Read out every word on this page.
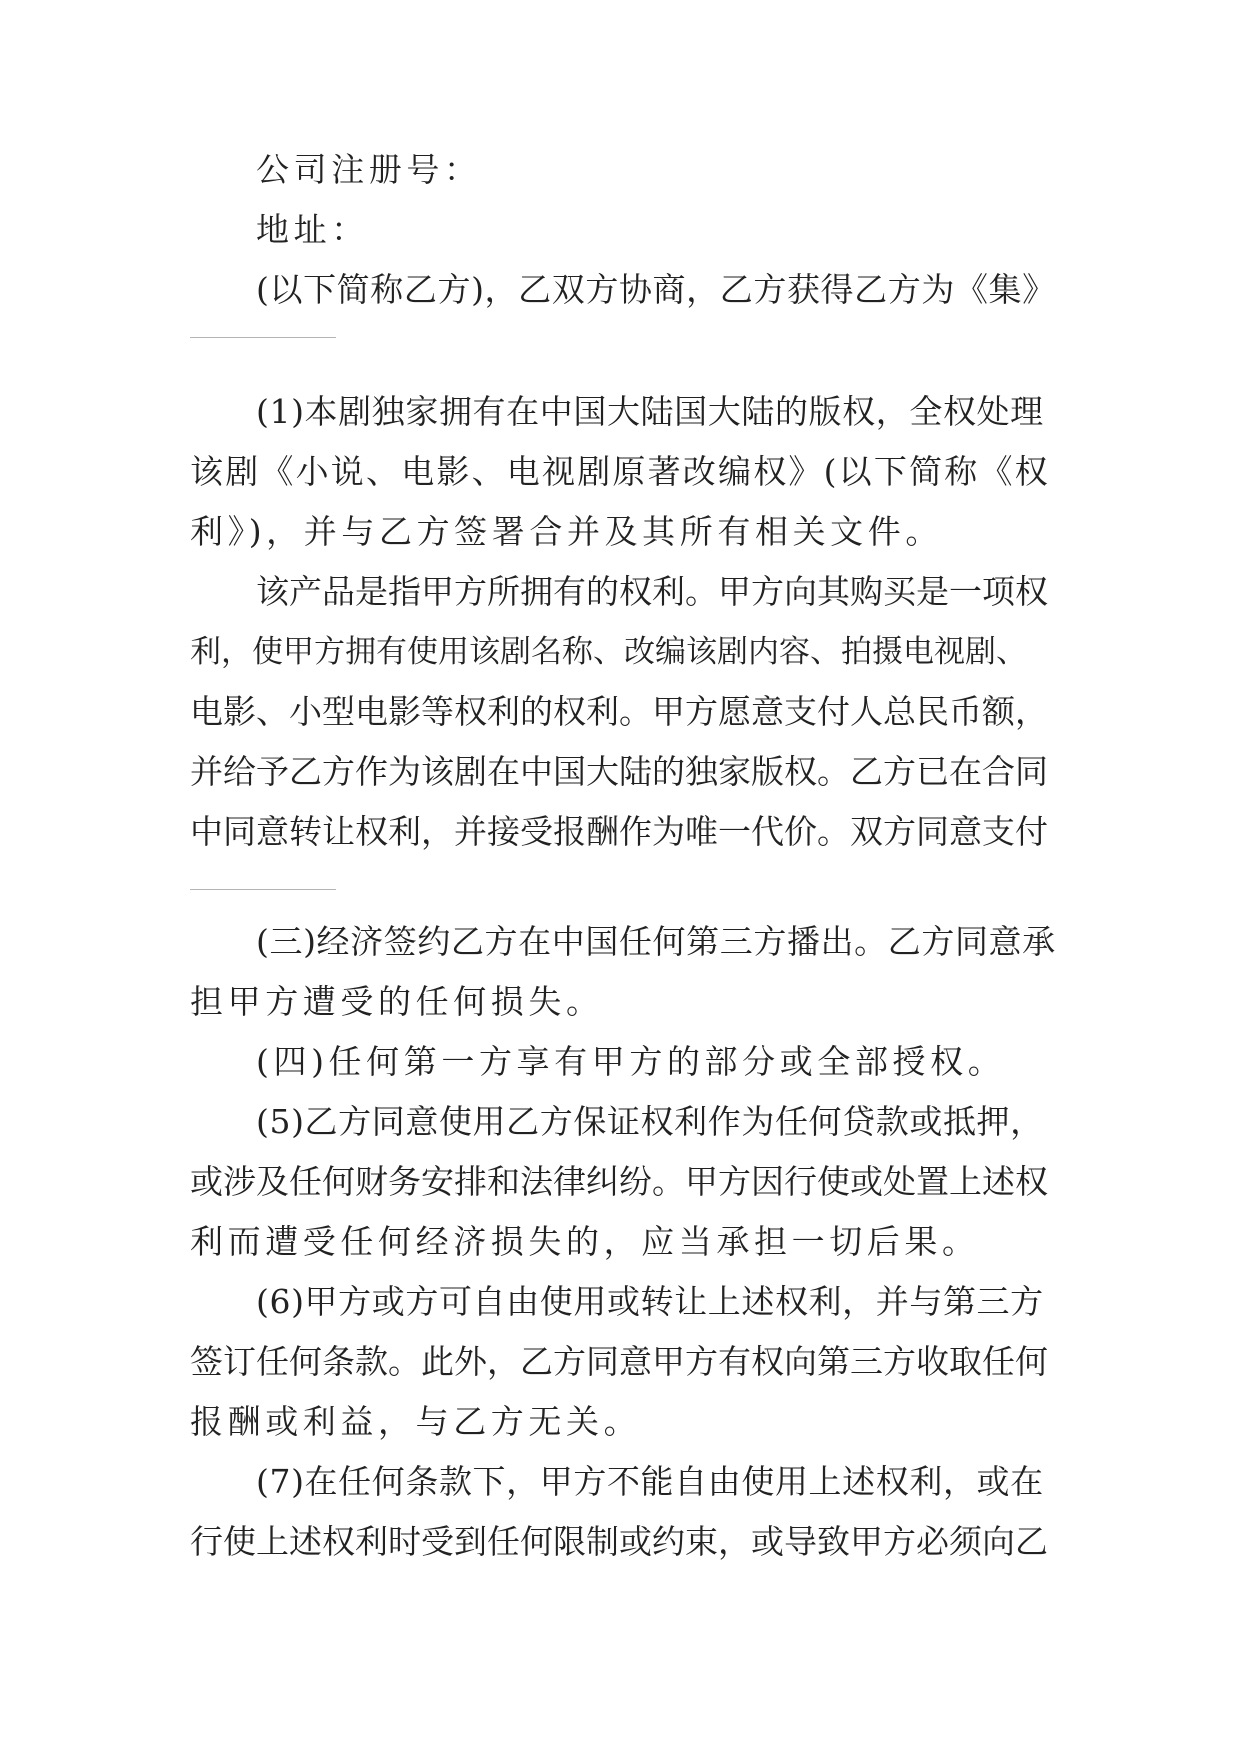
公司注册号：
地址：
(以下简称乙方)，乙双方协商，乙方获得乙方为《集》
(1)本剧独家拥有在中国大陆国大陆的版权，全权处理
该剧《小说、电影、电视剧原著改编权》(以下简称《权
利》)，并与乙方签署合并及其所有相关文件。
该产品是指甲方所拥有的权利。甲方向其购买是一项权
利，使甲方拥有使用该剧名称、改编该剧内容、拍摄电视剧、
电影、小型电影等权利的权利。甲方愿意支付人总民币额，
并给予乙方作为该剧在中国大陆的独家版权。乙方已在合同
中同意转让权利，并接受报酬作为唯一代价。双方同意支付
(三)经济签约乙方在中国任何第三方播出。乙方同意承
担甲方遭受的任何损失。
(四)任何第一方享有甲方的部分或全部授权。
(5)乙方同意使用乙方保证权利作为任何贷款或抵押，
或涉及任何财务安排和法律纠纷。甲方因行使或处置上述权
利而遭受任何经济损失的，应当承担一切后果。
(6)甲方或方可自由使用或转让上述权利，并与第三方
签订任何条款。此外，乙方同意甲方有权向第三方收取任何
报酬或利益，与乙方无关。
(7)在任何条款下，甲方不能自由使用上述权利，或在
行使上述权利时受到任何限制或约束，或导致甲方必须向乙
